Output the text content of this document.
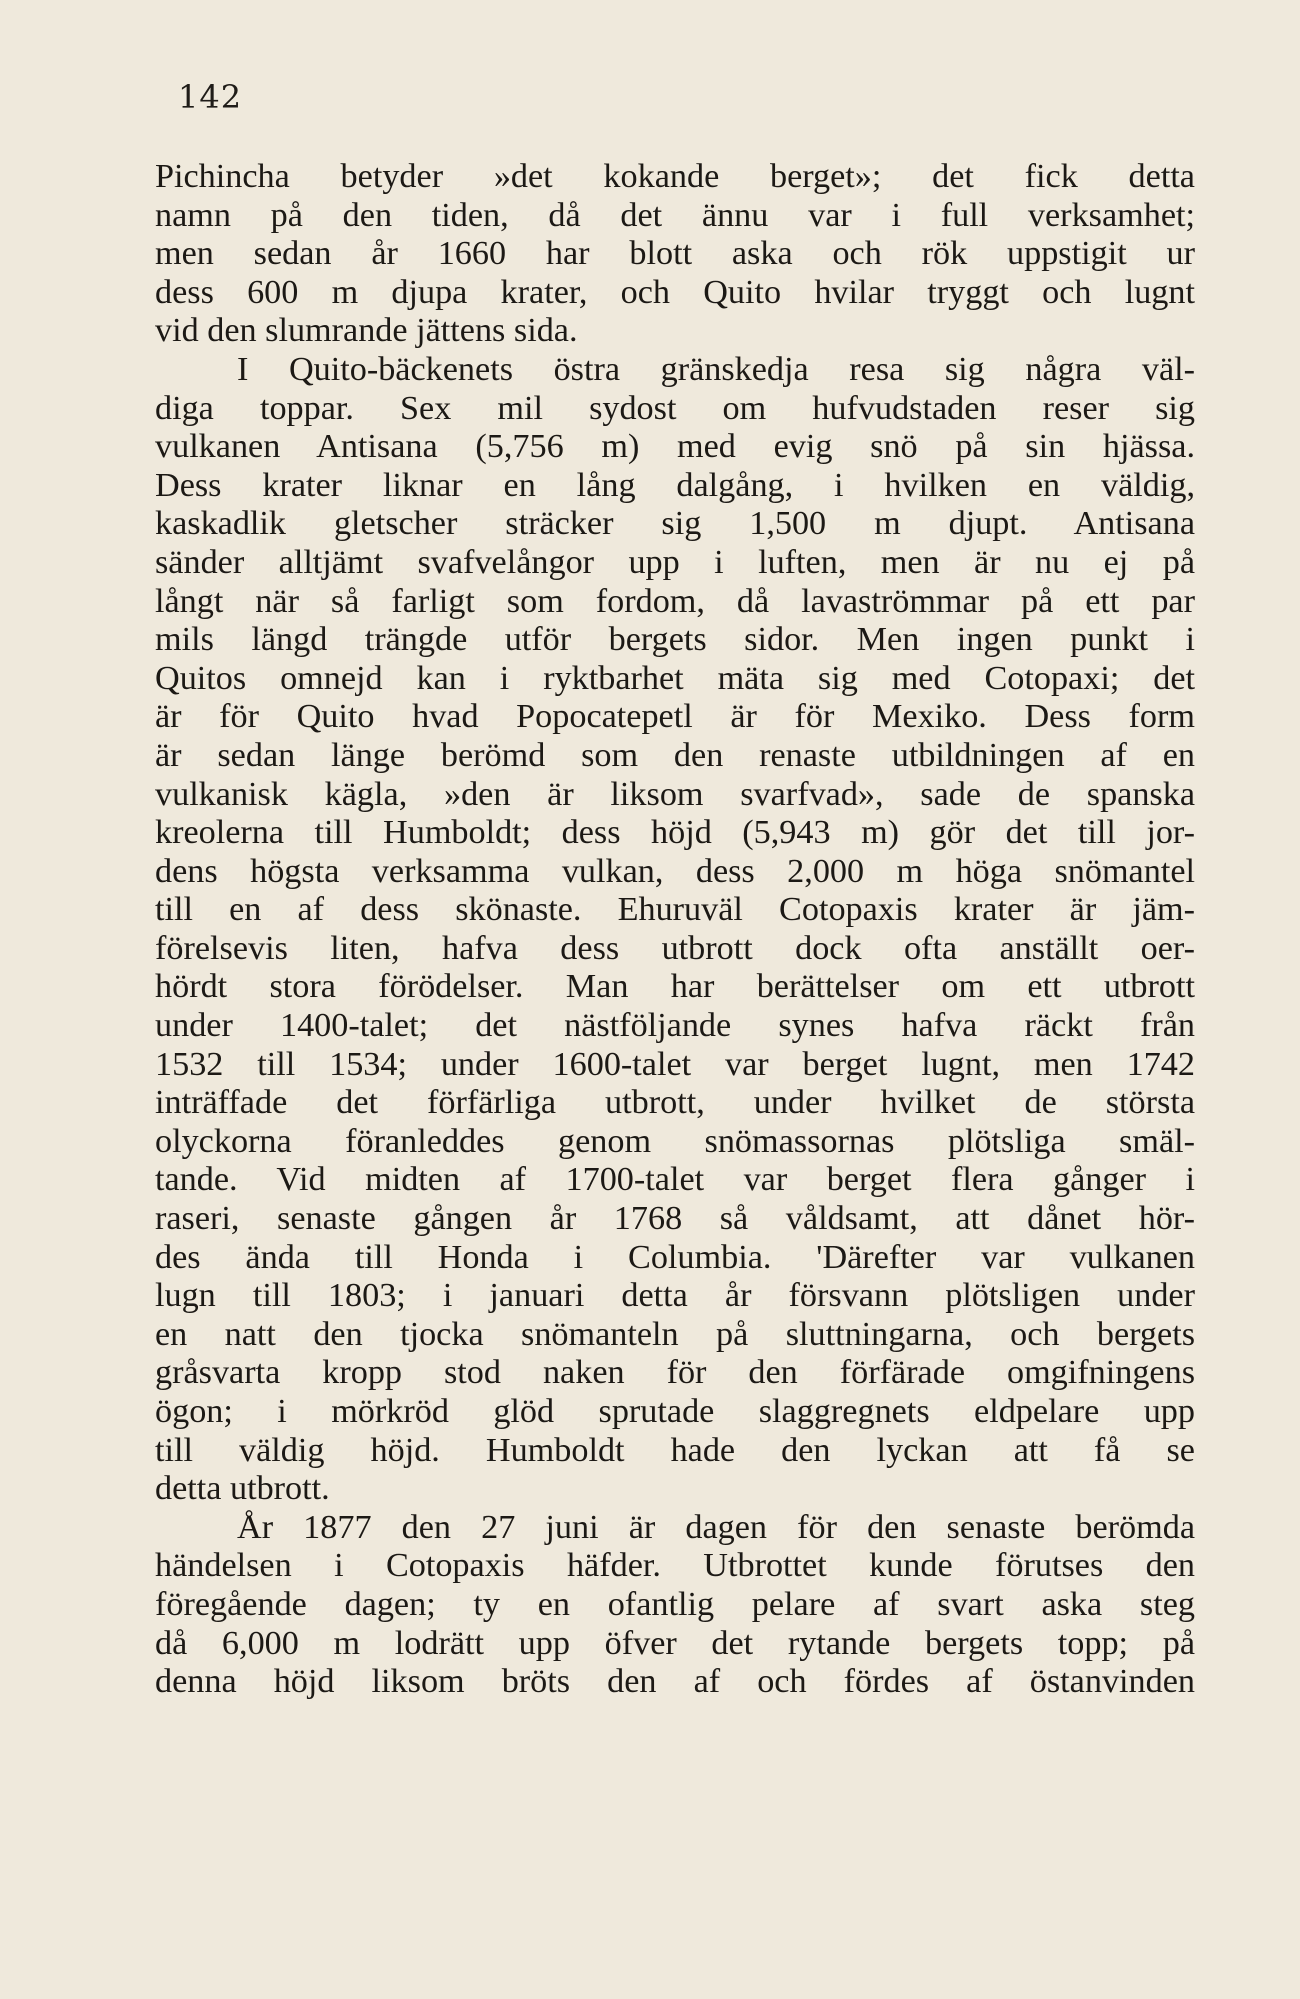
142
Pichincha betyder »det kokande berget»; det fick detta
namn på den tiden, då det ännu var i full verksamhet;
men sedan år 1660 har blott aska och rök uppstigit ur
dess 600 m djupa krater, och Quito hvilar tryggt och lugnt
vid den slumrande jättens sida.
I Quito-bäckenets östra gränskedja resa sig några väl-
diga toppar. Sex mil sydost om hufvudstaden reser sig
vulkanen Antisana (5,756 m) med evig snö på sin hjässa.
Dess krater liknar en lång dalgång, i hvilken en väldig,
kaskadlik gletscher sträcker sig 1,500 m djupt. Antisana
sänder alltjämt svafvelångor upp i luften, men är nu ej på
långt när så farligt som fordom, då lavaströmmar på ett par
mils längd trängde utför bergets sidor. Men ingen punkt i
Quitos omnejd kan i ryktbarhet mäta sig med Cotopaxi; det
är för Quito hvad Popocatepetl är för Mexiko. Dess form
är sedan länge berömd som den renaste utbildningen af en
vulkanisk kägla, »den är liksom svarfvad», sade de spanska
kreolerna till Humboldt; dess höjd (5,943 m) gör det till jor-
dens högsta verksamma vulkan, dess 2,000 m höga snömantel
till en af dess skönaste. Ehuruväl Cotopaxis krater är jäm-
förelsevis liten, hafva dess utbrott dock ofta anställt oer-
hördt stora förödelser. Man har berättelser om ett utbrott
under 1400-talet; det nästföljande synes hafva räckt från
1532 till 1534; under 1600-talet var berget lugnt, men 1742
inträffade det förfärliga utbrott, under hvilket de största
olyckorna föranleddes genom snömassornas plötsliga smäl-
tande. Vid midten af 1700-talet var berget flera gånger i
raseri, senaste gången år 1768 så våldsamt, att dånet hör-
des ända till Honda i Columbia. 'Därefter var vulkanen
lugn till 1803; i januari detta år försvann plötsligen under
en natt den tjocka snömanteln på sluttningarna, och bergets
gråsvarta kropp stod naken för den förfärade omgifningens
ögon; i mörkröd glöd sprutade slaggregnets eldpelare upp
till väldig höjd. Humboldt hade den lyckan att få se
detta utbrott.
År 1877 den 27 juni är dagen för den senaste berömda
händelsen i Cotopaxis häfder. Utbrottet kunde förutses den
föregående dagen; ty en ofantlig pelare af svart aska steg
då 6,000 m lodrätt upp öfver det rytande bergets topp; på
denna höjd liksom bröts den af och fördes af östanvinden
